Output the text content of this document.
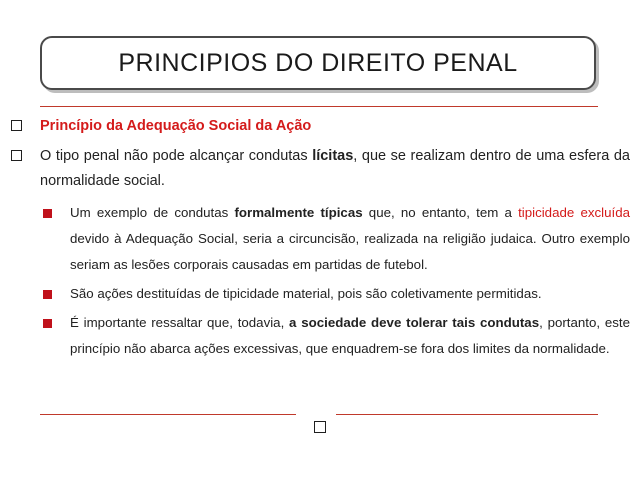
PRINCIPIOS DO DIREITO PENAL
Princípio da Adequação Social da Ação
O tipo penal não pode alcançar condutas lícitas, que se realizam dentro de uma esfera da normalidade social.
Um exemplo de condutas formalmente típicas que, no entanto, tem a tipicidade excluída devido à Adequação Social, seria a circuncisão, realizada na religião judaica. Outro exemplo seriam as lesões corporais causadas em partidas de futebol.
São ações destituídas de tipicidade material, pois são coletivamente permitidas.
É importante ressaltar que, todavia, a sociedade deve tolerar tais condutas, portanto, este princípio não abarca ações excessivas, que enquadrem-se fora dos limites da normalidade.
